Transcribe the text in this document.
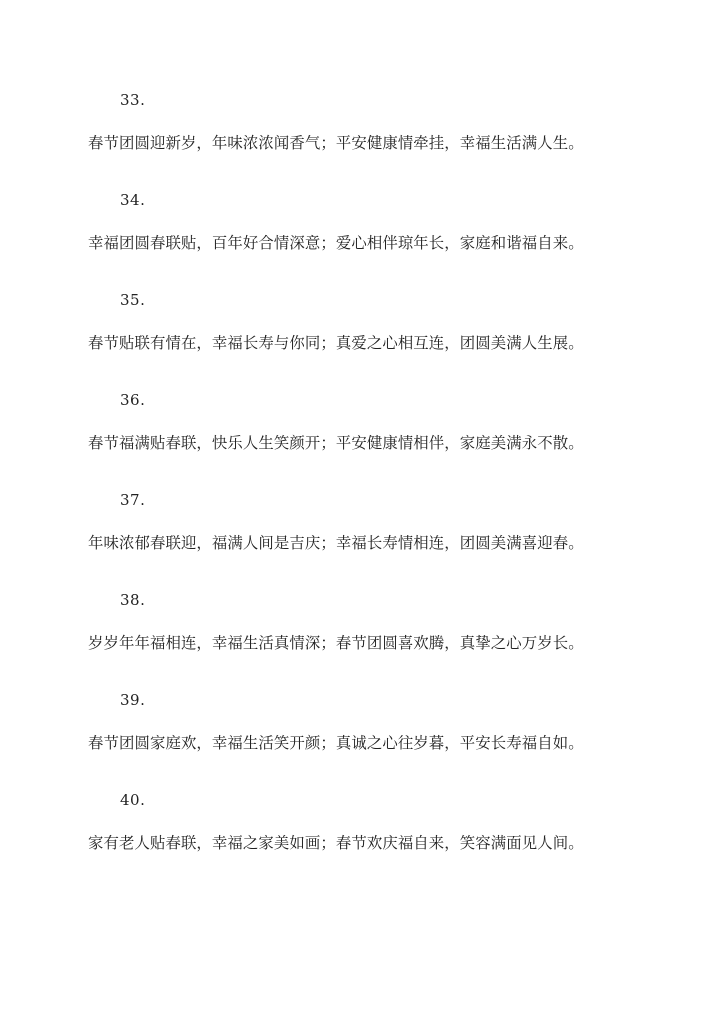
33.
春节团圆迎新岁，年味浓浓闻香气；平安健康情牵挂，幸福生活满人生。
34.
幸福团圆春联贴，百年好合情深意；爱心相伴琼年长，家庭和谐福自来。
35.
春节贴联有情在，幸福长寿与你同；真爱之心相互连，团圆美满人生展。
36.
春节福满贴春联，快乐人生笑颜开；平安健康情相伴，家庭美满永不散。
37.
年味浓郁春联迎，福满人间是吉庆；幸福长寿情相连，团圆美满喜迎春。
38.
岁岁年年福相连，幸福生活真情深；春节团圆喜欢腾，真挚之心万岁长。
39.
春节团圆家庭欢，幸福生活笑开颜；真诚之心往岁暮，平安长寿福自如。
40.
家有老人贴春联，幸福之家美如画；春节欢庆福自来，笑容满面见人间。
